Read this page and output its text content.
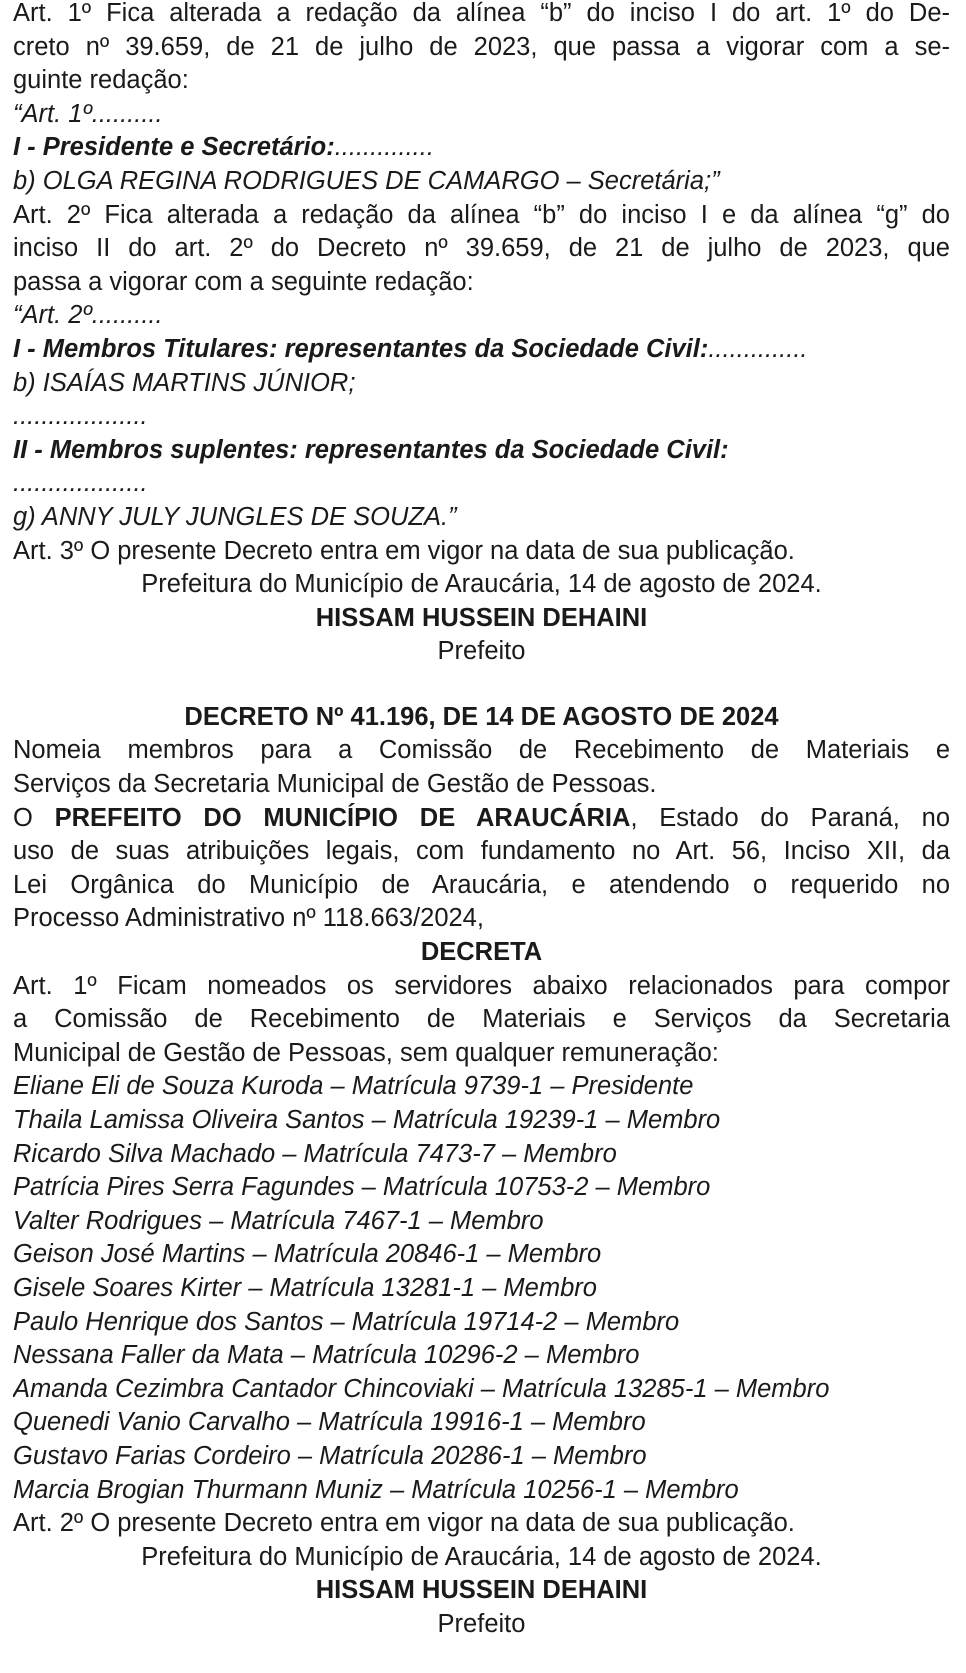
Art. 1º Fica alterada a redação da alínea “b” do inciso I do art. 1º do De-
creto nº 39.659, de 21 de julho de 2023, que passa a vigorar com a se-
guinte redação:
“Art. 1º..........
I - Presidente e Secretário:..............
b) OLGA REGINA RODRIGUES DE CAMARGO – Secretária;”
Art. 2º Fica alterada a redação da alínea “b” do inciso I e da alínea “g” do
inciso II do art. 2º do Decreto nº 39.659, de 21 de julho de 2023, que
passa a vigorar com a seguinte redação:
“Art. 2º..........
I - Membros Titulares: representantes da Sociedade Civil:..............
b) ISAÍAS MARTINS JÚNIOR;
...................
II - Membros suplentes: representantes da Sociedade Civil:
...................
g) ANNY JULY JUNGLES DE SOUZA.”
Art. 3º O presente Decreto entra em vigor na data de sua publicação.
Prefeitura do Município de Araucária, 14 de agosto de 2024.
HISSAM HUSSEIN DEHAINI
Prefeito
DECRETO Nº 41.196, DE 14 DE AGOSTO DE 2024
Nomeia membros para a Comissão de Recebimento de Materiais e
Serviços da Secretaria Municipal de Gestão de Pessoas.
O PREFEITO DO MUNICÍPIO DE ARAUCÁRIA, Estado do Paraná, no
uso de suas atribuições legais, com fundamento no Art. 56, Inciso XII, da
Lei Orgânica do Município de Araucária, e atendendo o requerido no
Processo Administrativo nº 118.663/2024,
DECRETA
Art. 1º Ficam nomeados os servidores abaixo relacionados para compor
a Comissão de Recebimento de Materiais e Serviços da Secretaria
Municipal de Gestão de Pessoas, sem qualquer remuneração:
Eliane Eli de Souza Kuroda – Matrícula 9739-1 – Presidente
Thaila Lamissa Oliveira Santos – Matrícula 19239-1 – Membro
Ricardo Silva Machado – Matrícula 7473-7 – Membro
Patrícia Pires Serra Fagundes – Matrícula 10753-2 – Membro
Valter Rodrigues – Matrícula 7467-1 – Membro
Geison José Martins – Matrícula 20846-1 – Membro
Gisele Soares Kirter – Matrícula 13281-1 – Membro
Paulo Henrique dos Santos – Matrícula 19714-2 – Membro
Nessana Faller da Mata – Matrícula 10296-2 – Membro
Amanda Cezimbra Cantador Chincoviaki – Matrícula 13285-1 – Membro
Quenedi Vanio Carvalho – Matrícula 19916-1 – Membro
Gustavo Farias Cordeiro – Matrícula 20286-1 – Membro
Marcia Brogian Thurmann Muniz – Matrícula 10256-1 – Membro
Art. 2º O presente Decreto entra em vigor na data de sua publicação.
Prefeitura do Município de Araucária, 14 de agosto de 2024.
HISSAM HUSSEIN DEHAINI
Prefeito
